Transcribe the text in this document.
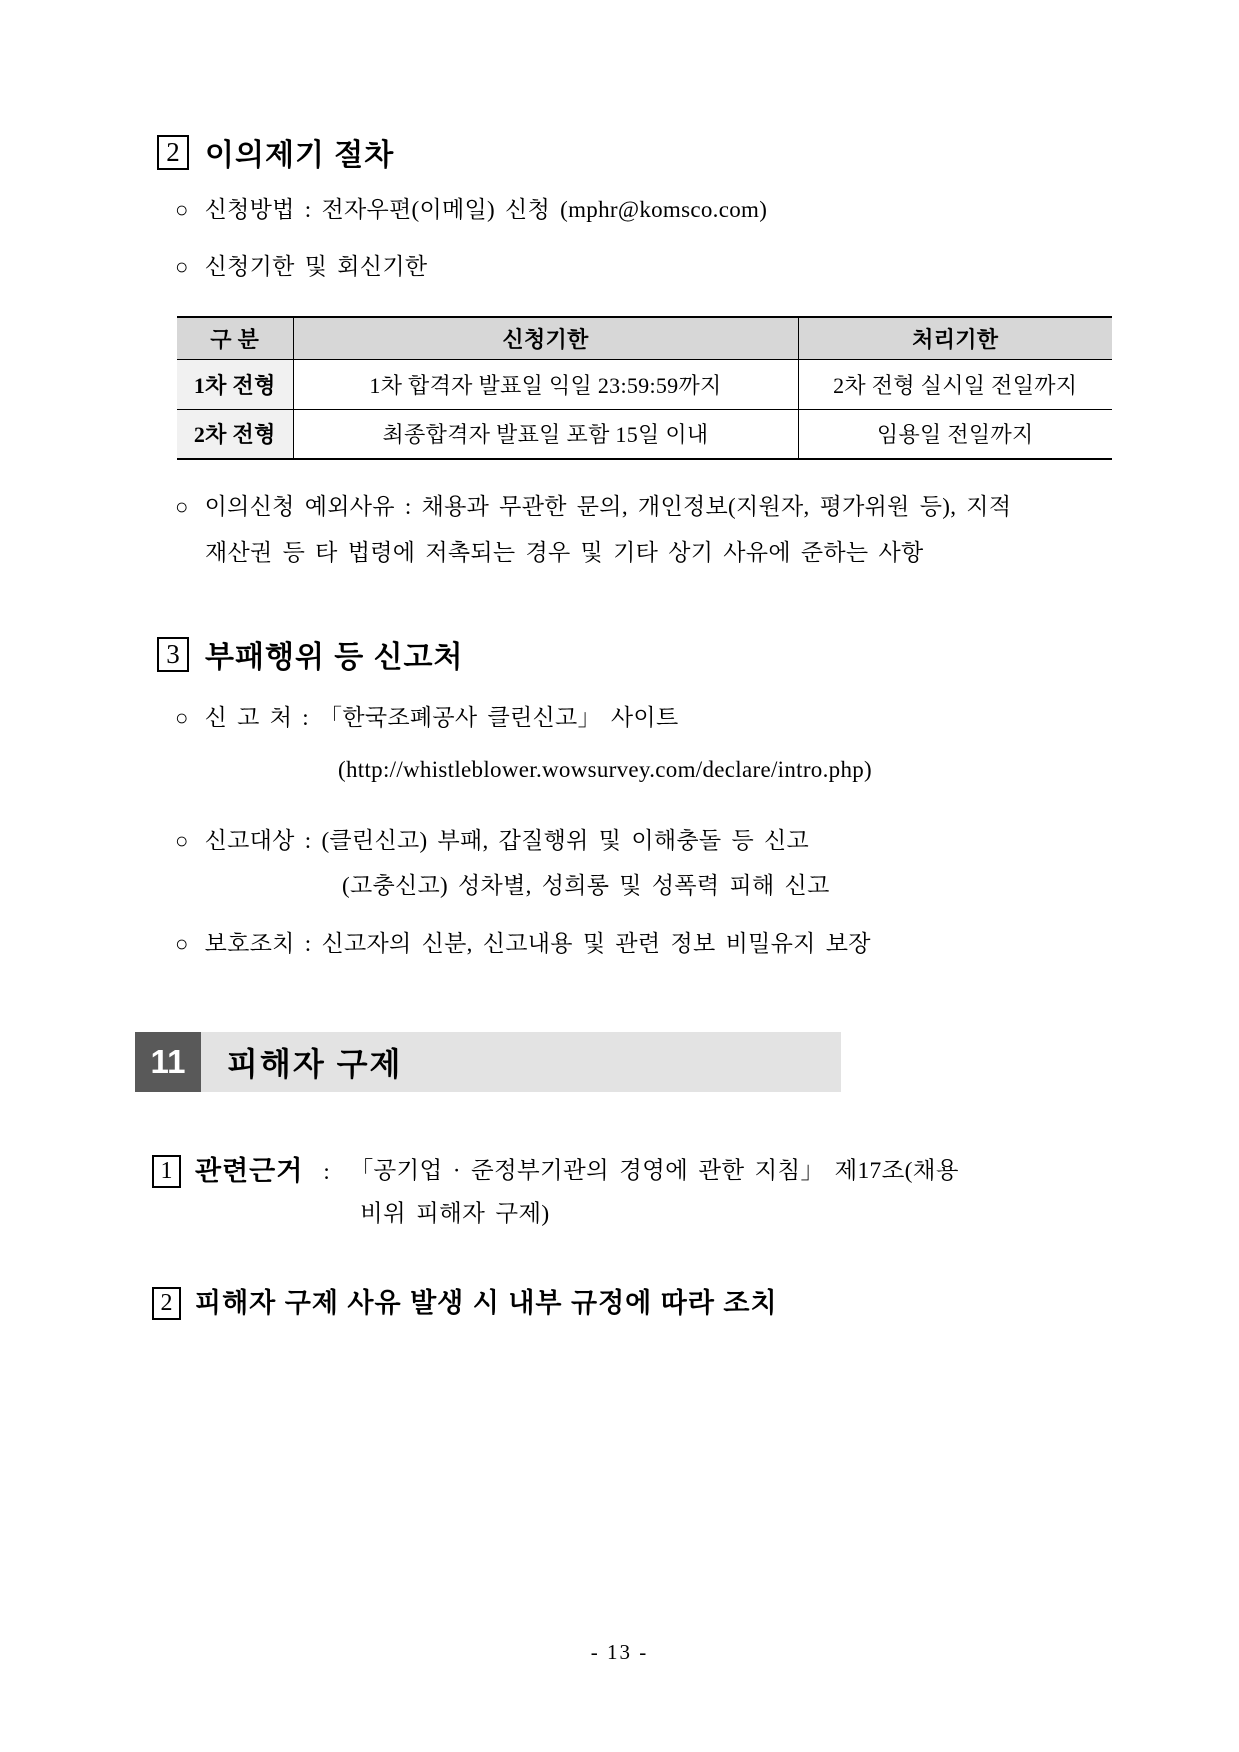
2 이의제기 절차
○ 신청방법 : 전자우편(이메일) 신청 (mphr@komsco.com)
○ 신청기한 및 회신기한
구 분	신청기한	처리기한
1차 전형	1차 합격자 발표일 익일 23:59:59까지	2차 전형 실시일 전일까지
2차 전형	최종합격자 발표일 포함 15일 이내	임용일 전일까지
○ 이의신청 예외사유 : 채용과 무관한 문의, 개인정보(지원자, 평가위원 등), 지적
재산권 등 타 법령에 저촉되는 경우 및 기타 상기 사유에 준하는 사항
3 부패행위 등 신고처
○ 신 고 처 : 「한국조폐공사 클린신고」 사이트
(http://whistleblower.wowsurvey.com/declare/intro.php)
○ 신고대상 : (클린신고) 부패, 갑질행위 및 이해충돌 등 신고
(고충신고) 성차별, 성희롱 및 성폭력 피해 신고
○ 보호조치 : 신고자의 신분, 신고내용 및 관련 정보 비밀유지 보장
11	피해자 구제
1 관련근거 : 「공기업 · 준정부기관의 경영에 관한 지침」 제17조(채용
비위 피해자 구제)
2 피해자 구제 사유 발생 시 내부 규정에 따라 조치
- 13 -
